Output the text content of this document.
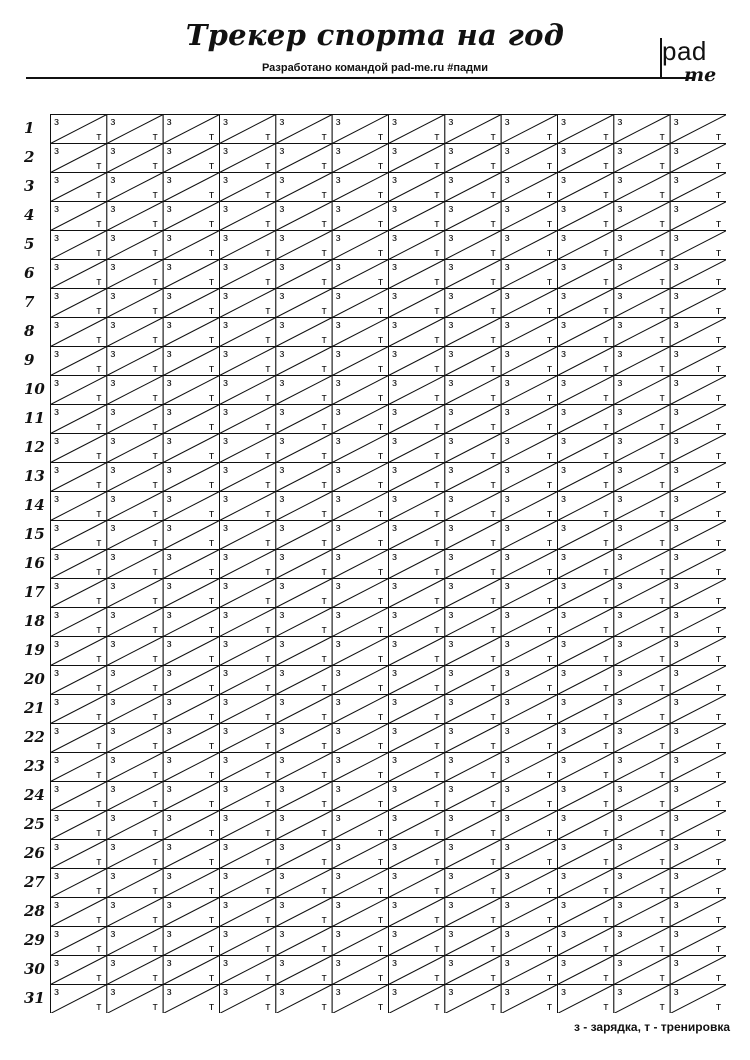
Трекер спорта на год
Разработано командой pad-me.ru #падми
pad
me
1
2
3
4
5
6
7
8
9
10
11
12
13
14
15
16
17
18
19
20
21
22
23
24
25
26
27
28
29
30
31
з
т
з
т
з
т
з
т
з
т
з
т
з
т
з
т
з
т
з
т
з
т
з
т
з
т
з
т
з
т
з
т
з
т
з
т
з
т
з
т
з
т
з
т
з
т
з
т
з
т
з
т
з
т
з
т
з
т
з
т
з
т
з
т
з
т
з
т
з
т
з
т
з
т
з
т
з
т
з
т
з
т
з
т
з
т
з
т
з
т
з
т
з
т
з
т
з
т
з
т
з
т
з
т
з
т
з
т
з
т
з
т
з
т
з
т
з
т
з
т
з
т
з
т
з
т
з
т
з
т
з
т
з
т
з
т
з
т
з
т
з
т
з
т
з
т
з
т
з
т
з
т
з
т
з
т
з
т
з
т
з
т
з
т
з
т
з
т
з
т
з
т
з
т
з
т
з
т
з
т
з
т
з
т
з
т
з
т
з
т
з
т
з
т
з
т
з
т
з
т
з
т
з
т
з
т
з
т
з
т
з
т
з
т
з
т
з
т
з
т
з
т
з
т
з
т
з
т
з
т
з
т
з
т
з
т
з
т
з
т
з
т
з
т
з
т
з
т
з
т
з
т
з
т
з
т
з
т
з
т
з
т
з
т
з
т
з
т
з
т
з
т
з
т
з
т
з
т
з
т
з
т
з
т
з
т
з
т
з
т
з
т
з
т
з
т
з
т
з
т
з
т
з
т
з
т
з
т
з
т
з
т
з
т
з
т
з
т
з
т
з
т
з
т
з
т
з
т
з
т
з
т
з
т
з
т
з
т
з
т
з
т
з
т
з
т
з
т
з
т
з
т
з
т
з
т
з
т
з
т
з
т
з
т
з
т
з
т
з
т
з
т
з
т
з
т
з
т
з
т
з
т
з
т
з
т
з
т
з
т
з
т
з
т
з
т
з
т
з
т
з
т
з
т
з
т
з
т
з
т
з
т
з
т
з
т
з
т
з
т
з
т
з
т
з
т
з
т
з
т
з
т
з
т
з
т
з
т
з
т
з
т
з
т
з
т
з
т
з
т
з
т
з
т
з
т
з
т
з
т
з
т
з
т
з
т
з
т
з
т
з
т
з
т
з
т
з
т
з
т
з
т
з
т
з
т
з
т
з
т
з
т
з
т
з
т
з
т
з
т
з
т
з
т
з
т
з
т
з
т
з
т
з
т
з
т
з
т
з
т
з
т
з
т
з
т
з
т
з
т
з
т
з
т
з
т
з
т
з
т
з
т
з
т
з
т
з
т
з
т
з
т
з
т
з
т
з
т
з
т
з
т
з
т
з
т
з
т
з
т
з
т
з
т
з
т
з
т
з
т
з
т
з
т
з
т
з
т
з
т
з
т
з
т
з
т
з
т
з
т
з
т
з
т
з
т
з
т
з
т
з
т
з
т
з
т
з
т
з
т
з
т
з
т
з
т
з
т
з
т
з
т
з
т
з
т
з
т
з
т
з
т
з
т
з
т
з
т
з
т
з
т
з
т
з
т
з
т
з
т
з
т
з
т
з
т
з
т
з
т
з
т
з
т
з
т
з
т
з
т
з
т
з
т
з
т
з
т
з
т
з
т
з
т
з
т
з
т
з
т
з
т
з
т
з
т
з
т
з
т
з
т
з
т
з
т
з
т
з
т
з
т
з
т
з
т
з
т
з
т
з
т
з
т
з
т
з
т
з
т
з
т
з
т
з - зарядка, т - тренировка
